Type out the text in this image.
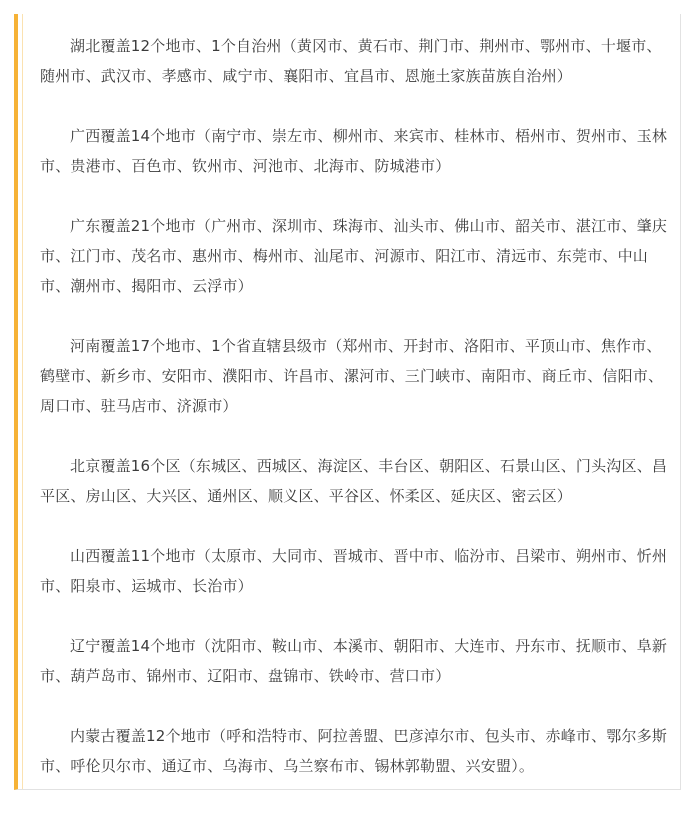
湖北覆盖12个地市、1个自治州（黄冈市、黄石市、荆门市、荆州市、鄂州市、十堰市、随州市、武汉市、孝感市、咸宁市、襄阳市、宜昌市、恩施土家族苗族自治州）

广西覆盖14个地市（南宁市、崇左市、柳州市、来宾市、桂林市、梧州市、贺州市、玉林市、贵港市、百色市、钦州市、河池市、北海市、防城港市）

广东覆盖21个地市（广州市、深圳市、珠海市、汕头市、佛山市、韶关市、湛江市、肇庆市、江门市、茂名市、惠州市、梅州市、汕尾市、河源市、阳江市、清远市、东莞市、中山市、潮州市、揭阳市、云浮市）

河南覆盖17个地市、1个省直辖县级市（郑州市、开封市、洛阳市、平顶山市、焦作市、鹤壁市、新乡市、安阳市、濮阳市、许昌市、漯河市、三门峡市、南阳市、商丘市、信阳市、周口市、驻马店市、济源市）

北京覆盖16个区（东城区、西城区、海淀区、丰台区、朝阳区、石景山区、门头沟区、昌平区、房山区、大兴区、通州区、顺义区、平谷区、怀柔区、延庆区、密云区）

山西覆盖11个地市（太原市、大同市、晋城市、晋中市、临汾市、吕梁市、朔州市、忻州市、阳泉市、运城市、长治市）

辽宁覆盖14个地市（沈阳市、鞍山市、本溪市、朝阳市、大连市、丹东市、抚顺市、阜新市、葫芦岛市、锦州市、辽阳市、盘锦市、铁岭市、营口市）

内蒙古覆盖12个地市（呼和浩特市、阿拉善盟、巴彦淖尔市、包头市、赤峰市、鄂尔多斯市、呼伦贝尔市、通辽市、乌海市、乌兰察布市、锡林郭勒盟、兴安盟）。
